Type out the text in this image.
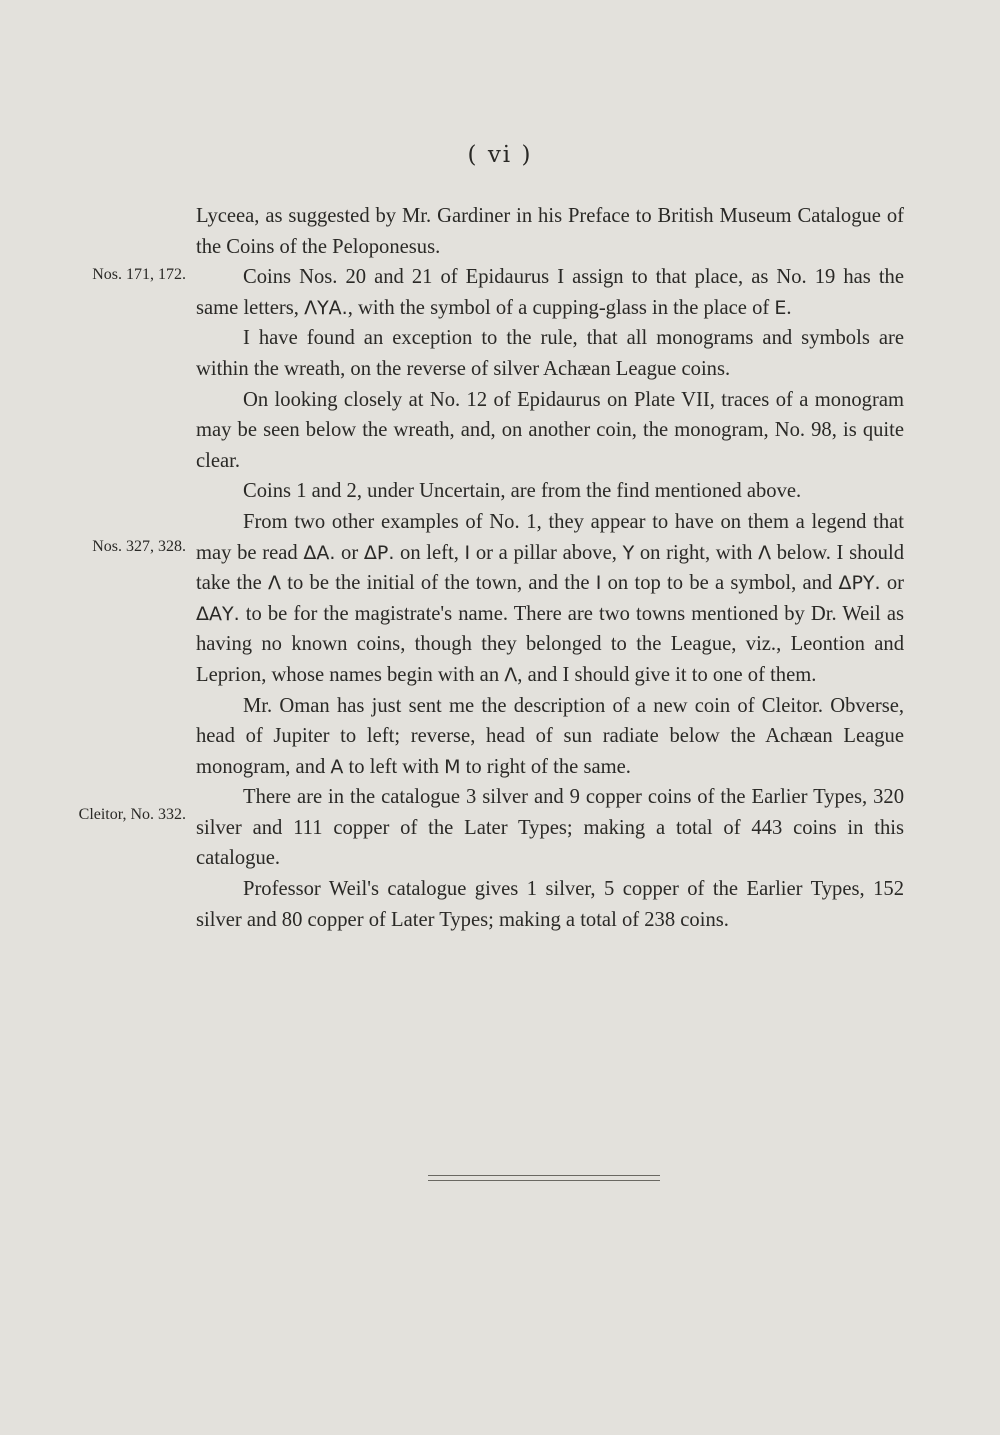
( vi )
Nos. 171, 172.
Nos. 327, 328.
Cleitor, No. 332.

Lyceea, as suggested by Mr. Gardiner in his Preface to British Museum Catalogue of the Coins of the Peloponesus.

Coins Nos. 20 and 21 of Epidaurus I assign to that place, as No. 19 has the same letters, ΛΥΑ., with the symbol of a cupping-glass in the place of E.

I have found an exception to the rule, that all monograms and symbols are within the wreath, on the reverse of silver Achæan League coins.

On looking closely at No. 12 of Epidaurus on Plate VII, traces of a monogram may be seen below the wreath, and, on another coin, the monogram, No. 98, is quite clear.

Coins 1 and 2, under Uncertain, are from the find mentioned above.

From two other examples of No. 1, they appear to have on them a legend that may be read ΔΑ. or ΔΡ. on left, I or a pillar above, Υ on right, with Λ below. I should take the Λ to be the initial of the town, and the I on top to be a symbol, and ΔΡΥ. or ΔΑΥ. to be for the magistrate's name. There are two towns mentioned by Dr. Weil as having no known coins, though they belonged to the League, viz., Leontion and Leprion, whose names begin with an Λ, and I should give it to one of them.

Mr. Oman has just sent me the description of a new coin of Cleitor. Obverse, head of Jupiter to left; reverse, head of sun radiate below the Achæan League monogram, and Α to left with Μ to right of the same.

There are in the catalogue 3 silver and 9 copper coins of the Earlier Types, 320 silver and 111 copper of the Later Types; making a total of 443 coins in this catalogue.

Professor Weil's catalogue gives 1 silver, 5 copper of the Earlier Types, 152 silver and 80 copper of Later Types; making a total of 238 coins.
